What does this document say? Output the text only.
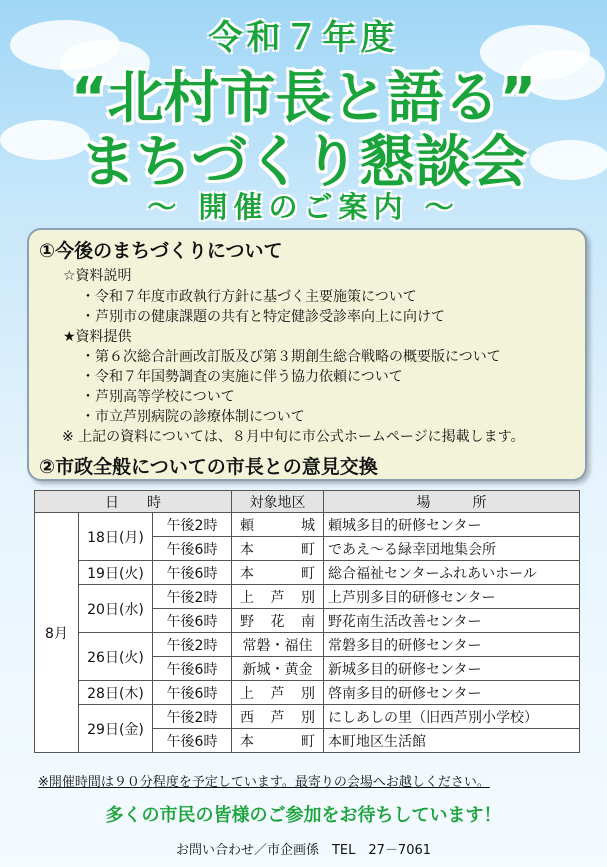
令和７年度
“北村市長と語る”
まちづくり懇談会
～ 開催のご案内 ～
①今後のまちづくりについて
☆資料説明
・令和７年度市政執行方針に基づく主要施策について
・芦別市の健康課題の共有と特定健診受診率向上に向けて
★資料提供
・第６次総合計画改訂版及び第３期創生総合戦略の概要版について
・令和７年国勢調査の実施に伴う協力依頼について
・芦別高等学校について
・市立芦別病院の診療体制について
※ 上記の資料については、８月中旬に市公式ホームページに掲載します。
②市政全般についての市長との意見交換
日　　時			対象地区	場　　　所
8月	18日(月)	午後2時	頼 城	頼城多目的研修センター
		午後6時	本 町	であえ～る緑幸団地集会所
	19日(火)	午後6時	本 町	総合福祉センターふれあいホール
	20日(水)	午後2時	上 芦 別	上芦別多目的研修センター
		午後6時	野 花 南	野花南生活改善センター
	26日(火)	午後2時	常磐・福住	常磐多目的研修センター
		午後6時	新城・黄金	新城多目的研修センター
	28日(木)	午後6時	上 芦 別	啓南多目的研修センター
	29日(金)	午後2時	西 芦 別	にしあしの里（旧西芦別小学校）
		午後6時	本 町	本町地区生活館
※開催時間は９０分程度を予定しています。最寄りの会場へお越しください。
多くの市民の皆様のご参加をお待ちしています！
お問い合わせ／市企画係　TEL　27－7061
